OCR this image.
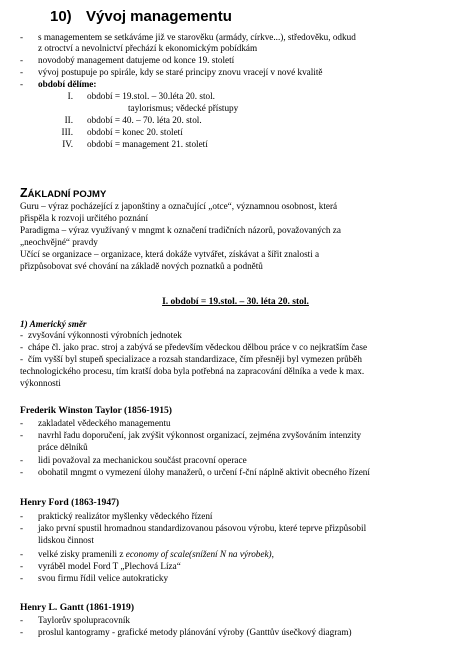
10) Vývoj managementu
- s managementem se setkáváme již ve starověku (armády, církve...), středověku, odkud
z otroctví a nevolnictví přechází k ekonomickým pobídkám
- novodobý management datujeme od konce 19. století
- vývoj postupuje po spirále, kdy se staré principy znovu vracejí v nové kvalitě
- období dělíme:
I. období = 19.stol. – 30.léta 20. stol.
taylorismus; vědecké přístupy
II. období = 40. – 70. léta 20. stol.
III. období = konec 20. století
IV. období = management 21. století
ZÁKLADNÍ POJMY
Guru – výraz pocházející z japonštiny a označující „otce“, významnou osobnost, která
přispěla k rozvoji určitého poznání
Paradigma – výraz využívaný v mngmt k označení tradičních názorů, považovaných za
„neochvějné“ pravdy
Učící se organizace – organizace, která dokáže vytvářet, získávat a šířit znalosti a
přizpůsobovat své chování na základě nových poznatků a podnětů
I. období = 19.stol. – 30. léta 20. stol.
1) Americký směr
- zvyšování výkonnosti výrobních jednotek
- chápe čl. jako prac. stroj a zabývá se především vědeckou dělbou práce v co nejkratším čase
- čím vyšší byl stupeň specializace a rozsah standardizace, čím přesněji byl vymezen průběh
technologického procesu, tím kratší doba byla potřebná na zapracování dělníka a vede k max.
výkonnosti
Frederik Winston Taylor (1856-1915)
- zakladatel vědeckého managementu
- navrhl řadu doporučení, jak zvýšit výkonnost organizací, zejména zvyšováním intenzity
práce dělníků
- lidi považoval za mechanickou součást pracovní operace
- obohatil mngmt o vymezení úlohy manažerů, o určení f-ční náplně aktivit obecného řízení
Henry Ford (1863-1947)
- praktický realizátor myšlenky vědeckého řízení
- jako první spustil hromadnou standardizovanou pásovou výrobu, které teprve přizpůsobil
lidskou činnost
- velké zisky pramenili z economy of scale(snížení N na výrobek),
- vyráběl model Ford T „Plechová Líza“
- svou firmu řídil velice autokraticky
Henry L. Gantt (1861-1919)
- Taylorův spolupracovník
- proslul kantogramy - grafické metody plánování výroby (Ganttův úsečkový diagram)
